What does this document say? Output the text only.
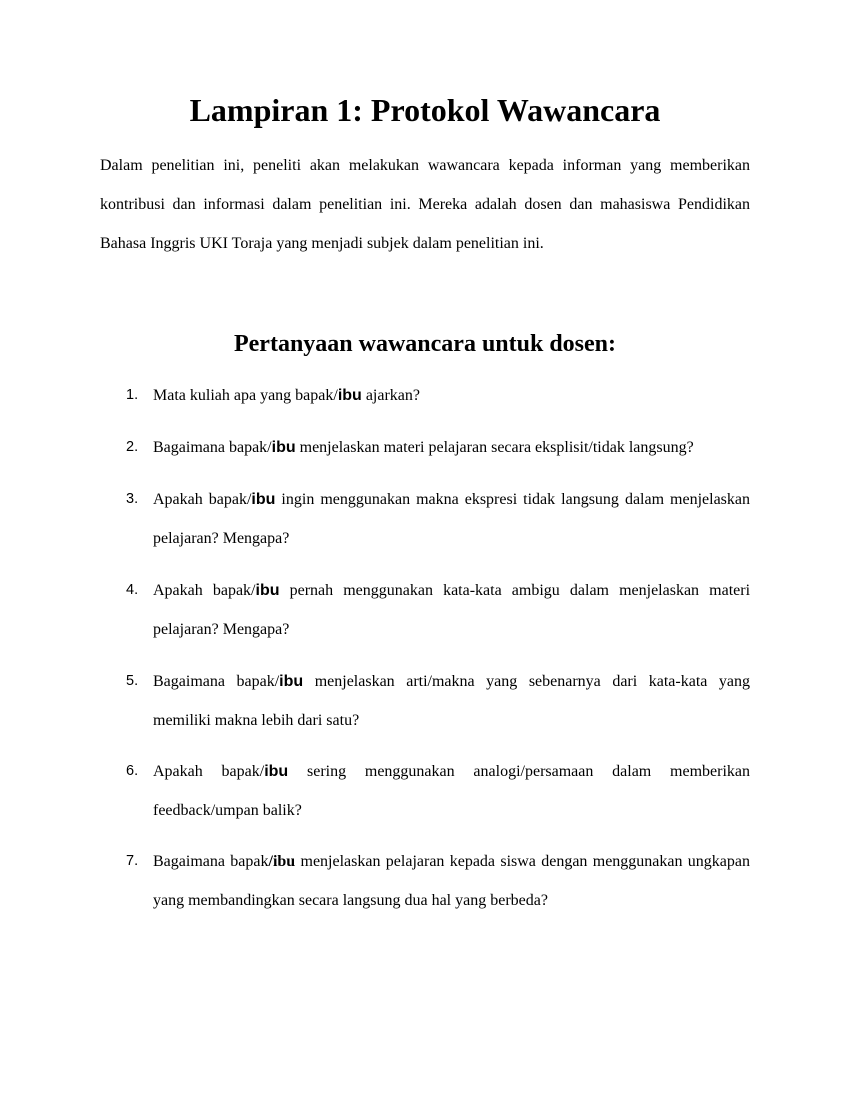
Lampiran 1: Protokol Wawancara

Dalam penelitian ini, peneliti akan melakukan wawancara kepada informan yang memberikan kontribusi dan informasi dalam penelitian ini. Mereka adalah dosen dan mahasiswa Pendidikan Bahasa Inggris UKI Toraja yang menjadi subjek dalam penelitian ini.

Pertanyaan wawancara untuk dosen:
1. Mata kuliah apa yang bapak/ibu ajarkan?

2. Bagaimana bapak/ibu menjelaskan materi pelajaran secara eksplisit/tidak langsung?

3. Apakah bapak/ibu ingin menggunakan makna ekspresi tidak langsung dalam menjelaskan pelajaran? Mengapa?

4. Apakah bapak/ibu pernah menggunakan kata-kata ambigu dalam menjelaskan materi pelajaran? Mengapa?

5. Bagaimana bapak/ibu menjelaskan arti/makna yang sebenarnya dari kata-kata yang memiliki makna lebih dari satu?

6. Apakah bapak/ibu sering menggunakan analogi/persamaan dalam memberikan feedback/umpan balik?

7. Bagaimana bapak/ibu menjelaskan pelajaran kepada siswa dengan menggunakan ungkapan yang membandingkan secara langsung dua hal yang berbeda?
